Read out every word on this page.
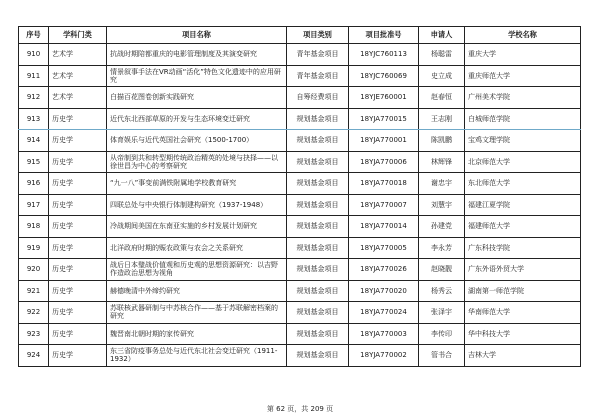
序号	学科门类	项目名称	项目类别	项目批准号	申请人	学校名称
910	艺术学	抗战时期陪都重庆的电影管理制度及其演变研究	青年基金项目	18YJC760113	杨聪雷	重庆大学
911	艺术学	情景叙事手法在VR动画“活化”特色文化遗迹中的应用研究	青年基金项目	18YJC760069	史立成	重庆师范大学
912	艺术学	白描百花图卷创新实践研究	自筹经费项目	18YJE760001	赵春恒	广州美术学院
913	历史学	近代东北西部草原的开发与生态环境变迁研究	规划基金项目	18YJA770015	王志刚	白城师范学院
914	历史学	体育娱乐与近代英国社会研究（1500-1700）	规划基金项目	18YJA770001	陈凯鹏	宝鸡文理学院
915	历史学	从帝制到共和转型期传统政治精英的处境与抉择——以徐世昌为中心的考察研究	规划基金项目	18YJA770006	林辉锋	北京师范大学
916	历史学	“九一八”事变前满铁附属地学校教育研究	规划基金项目	18YJA770018	谢忠宇	东北师范大学
917	历史学	四联总处与中央银行体制建构研究（1937-1948）	规划基金项目	18YJA770007	刘慧宇	福建江夏学院
918	历史学	冷战期间美国在东南亚实施的乡村发展计划研究	规划基金项目	18YJA770014	孙建党	福建师范大学
919	历史学	北洋政府时期的赈农政策与农会之关系研究	规划基金项目	18YJA770005	李永芳	广东科技学院
920	历史学	战后日本璧战价值观和历史观的思想资源研究：以吉野作造政治思想为视角	规划基金项目	18YJA770026	赵晓靓	广东外语外贸大学
921	历史学	赫德晚清中外缔约研究	规划基金项目	18YJA770020	杨秀云	湖南第一师范学院
922	历史学	苏联核武器研制与中苏核合作——基于苏联解密档案的研究	规划基金项目	18YJA770024	张泽宇	华南师范大学
923	历史学	魏晋南北朝时期的家传研究	规划基金项目	18YJA770003	李传印	华中科技大学
924	历史学	东三省防疫事务总处与近代东北社会变迁研究（1911- 1932）	规划基金项目	18YJA770002	管书合	吉林大学
第 62 页，共 209 页
